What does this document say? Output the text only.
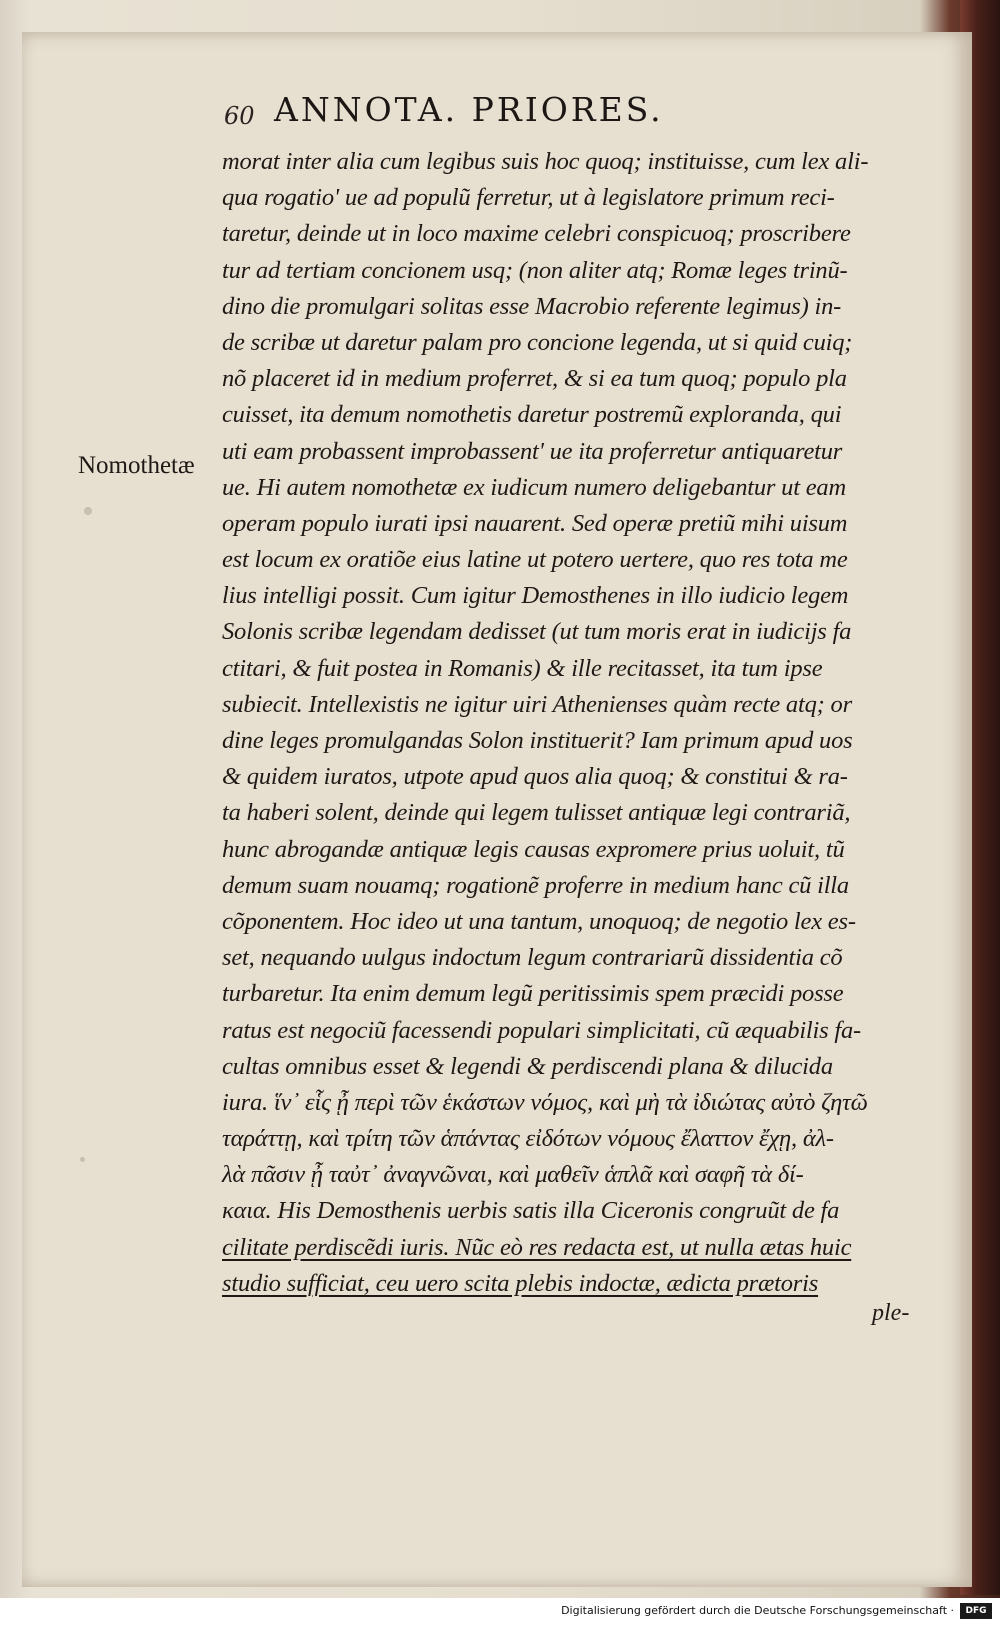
60 ANNOTA. PRIORES.
Nomothetæ
morat inter alia cum legibus suis hoc quoq; instituisse, cum lex ali-
qua rogatio' ue ad populũ ferretur, ut à legislatore primum reci-
taretur, deinde ut in loco maxime celebri conspicuoq; proscribere
tur ad tertiam concionem usq; (non aliter atq; Romæ leges trinũ-
dino die promulgari solitas esse Macrobio referente legimus) in-
de scribæ ut daretur palam pro concione legenda, ut si quid cuiq;
nõ placeret id in medium proferret, & si ea tum quoq; populo pla
cuisset, ita demum nomothetis daretur postremũ exploranda, qui
uti eam probassent improbassent' ue ita proferretur antiquaretur
ue. Hi autem nomothetæ ex iudicum numero deligebantur ut eam
operam populo iurati ipsi nauarent. Sed operæ pretiũ mihi uisum
est locum ex oratiõe eius latine ut potero uertere, quo res tota me
lius intelligi possit. Cum igitur Demosthenes in illo iudicio legem
Solonis scribæ legendam dedisset (ut tum moris erat in iudicijs fa
ctitari, & fuit postea in Romanis) & ille recitasset, ita tum ipse
subiecit. Intellexistis ne igitur uiri Athenienses quàm recte atq; or
dine leges promulgandas Solon instituerit? Iam primum apud uos
& quidem iuratos, utpote apud quos alia quoq; & constitui & ra-
ta haberi solent, deinde qui legem tulisset antiquæ legi contrariã,
hunc abrogandæ antiquæ legis causas expromere prius uoluit, tũ
demum suam nouamq; rogationẽ proferre in medium hanc cũ illa
cõponentem. Hoc ideo ut una tantum, unoquoq; de negotio lex es-
set, nequando uulgus indoctum legum contrariarũ dissidentia cõ
turbaretur. Ita enim demum legũ peritissimis spem præcidi posse
ratus est negociũ facessendi populari simplicitati, cũ æquabilis fa-
cultas omnibus esset & legendi & perdiscendi plana & dilucida
iura. ἵν᾽ εἷς ᾖ περὶ τῶν ἑκάστων νόμος, καὶ μὴ τὰ ἰδιώτας αὐτὸ ζητῶ
ταράττῃ, καὶ τρίτη τῶν ἁπάντας εἰδότων νόμους ἔλαττον ἔχῃ, ἀλ-
λὰ πᾶσιν ᾖ ταὐτ᾽ ἀναγνῶναι, καὶ μαθεῖν ἁπλᾶ καὶ σαφῆ τὰ δί-
καια. His Demosthenis uerbis satis illa Ciceronis congruũt de fa
cilitate perdiscẽdi iuris. Nũc eò res redacta est, ut nulla ætas huic
studio sufficiat, ceu uero scita plebis indoctæ, ædicta prætoris
ple-
Digitalisierung gefördert durch die Deutsche Forschungsgemeinschaft ·	DFG
